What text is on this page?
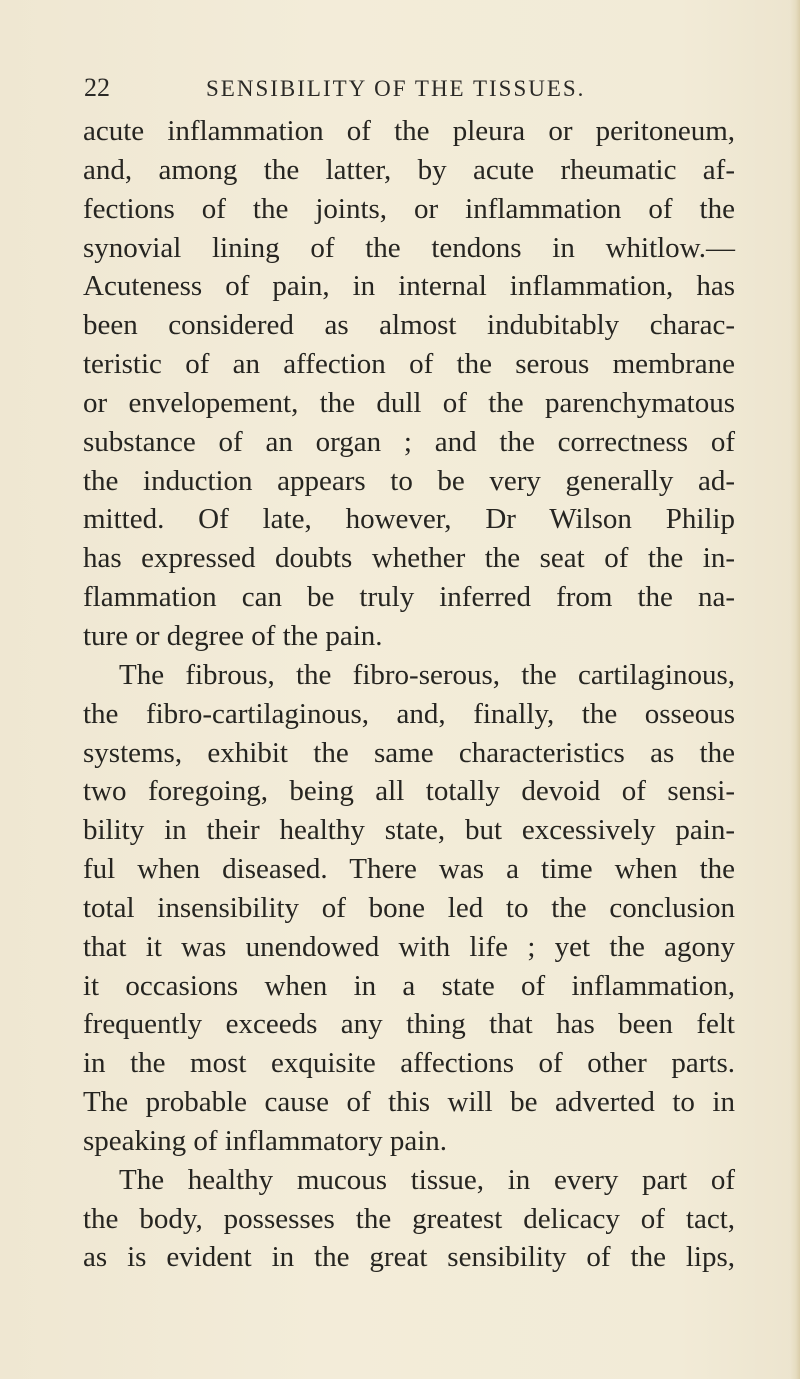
22	SENSIBILITY OF THE TISSUES.
acute inflammation of the pleura or peritoneum,
and, among the latter, by acute rheumatic af-
fections of the joints, or inflammation of the
synovial lining of the tendons in whitlow.—
Acuteness of pain, in internal inflammation, has
been considered as almost indubitably charac-
teristic of an affection of the serous membrane
or envelopement, the dull of the parenchymatous
substance of an organ ; and the correctness of
the induction appears to be very generally ad-
mitted. Of late, however, Dr Wilson Philip
has expressed doubts whether the seat of the in-
flammation can be truly inferred from the na-
ture or degree of the pain.
The fibrous, the fibro-serous, the cartilaginous,
the fibro-cartilaginous, and, finally, the osseous
systems, exhibit the same characteristics as the
two foregoing, being all totally devoid of sensi-
bility in their healthy state, but excessively pain-
ful when diseased. There was a time when the
total insensibility of bone led to the conclusion
that it was unendowed with life ; yet the agony
it occasions when in a state of inflammation,
frequently exceeds any thing that has been felt
in the most exquisite affections of other parts.
The probable cause of this will be adverted to in
speaking of inflammatory pain.
The healthy mucous tissue, in every part of
the body, possesses the greatest delicacy of tact,
as is evident in the great sensibility of the lips,
